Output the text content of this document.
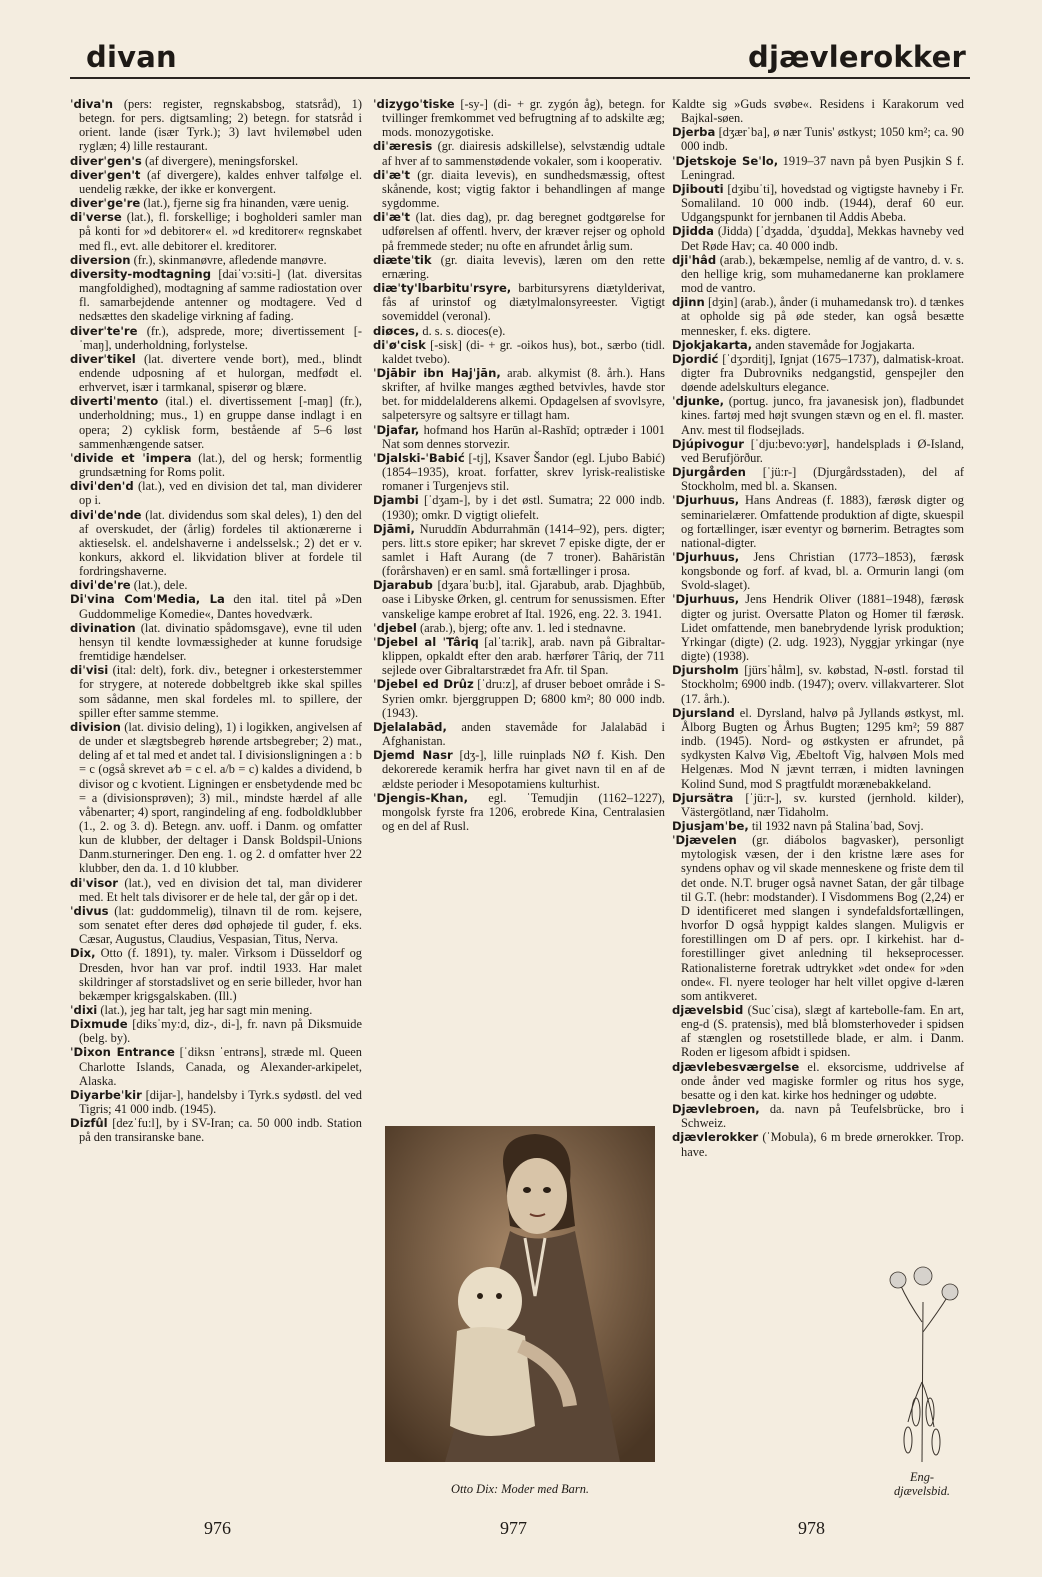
divan	djævlerokker

ˈdiva'n (pers: register, regnskabsbog, statsråd), 1) betegn. for pers. digtsamling; 2) betegn. for statsråd i orient. lande (især Tyrk.); 3) lavt hvilemøbel uden ryglæn; 4) lille restaurant.

diverˈgen's (af divergere), meningsforskel.

diverˈgen't (af divergere), kaldes enhver talfølge el. uendelig række, der ikke er konvergent.

diverˈge're (lat.), fjerne sig fra hinanden, være uenig.

diˈverse (lat.), fl. forskellige; i bogholderi samler man på konti for »d debitorer« el. »d kreditorer« regnskabet med fl., evt. alle debitorer el. kreditorer.

diversion (fr.), skinmanøvre, afledende manøvre.

diversity-modtagning [daiˈvɔ:siti-] (lat. diversitas mangfoldighed), modtagning af samme radiostation over fl. samarbejdende antenner og modtagere. Ved d nedsættes den skadelige virkning af fading.

diverˈte're (fr.), adsprede, more; divertissement [-ˈmaŋ], underholdning, forlystelse.

diverˈtikel (lat. divertere vende bort), med., blindt endende udposning af et hulorgan, medfødt el. erhvervet, især i tarmkanal, spiserør og blære.

divertiˈmento (ital.) el. divertissement [-maŋ] (fr.), underholdning; mus., 1) en gruppe danse indlagt i en opera; 2) cyklisk form, bestående af 5–6 løst sammenhængende satser.

ˈdivide et ˈimpera (lat.), del og hersk; formentlig grundsætning for Roms polit.

diviˈden'd (lat.), ved en division det tal, man dividerer op i.

diviˈde'nde (lat. dividendus som skal deles), 1) den del af overskudet, der (årlig) fordeles til aktionærerne i aktieselsk. el. andelshaverne i andelsselsk.; 2) det er v. konkurs, akkord el. likvidation bliver at fordele til fordringshaverne.

diviˈde're (lat.), dele.

Diˈvina ComˈMedia, La den ital. titel på »Den Guddommelige Komedie«, Dantes hovedværk.

divination (lat. divinatio spådomsgave), evne til uden hensyn til kendte lovmæssigheder at kunne forudsige fremtidige hændelser.

diˈvisi (ital: delt), fork. div., betegner i orkesterstemmer for strygere, at noterede dobbeltgreb ikke skal spilles som sådanne, men skal fordeles ml. to spillere, der spiller efter samme stemme.

division (lat. divisio deling), 1) i logikken, angivelsen af de under et slægtsbegreb hørende artsbegreber; 2) mat., deling af et tal med et andet tal. I divisionsligningen a : b = c (også skrevet a⁄b = c el. a/b = c) kaldes a dividend, b divisor og c kvotient. Ligningen er ensbetydende med bc = a (divisionsprøven); 3) mil., mindste hærdel af alle våbenarter; 4) sport, rangindeling af eng. fodboldklubber (1., 2. og 3. d). Betegn. anv. uoff. i Danm. og omfatter kun de klubber, der deltager i Dansk Boldspil-Unions Danm.sturneringer. Den eng. 1. og 2. d omfatter hver 22 klubber, den da. 1. d 10 klubber.

diˈvisor (lat.), ved en division det tal, man dividerer med. Et helt tals divisorer er de hele tal, der går op i det.

ˈdivus (lat: guddommelig), tilnavn til de rom. kejsere, som senatet efter deres død ophøjede til guder, f. eks. Cæsar, Augustus, Claudius, Vespasian, Titus, Nerva.

Dix, Otto (f. 1891), ty. maler. Virksom i Düsseldorf og Dresden, hvor han var prof. indtil 1933. Har malet skildringer af storstadslivet og en serie billeder, hvor han bekæmper krigsgalskaben. (Ill.)

ˈdixi (lat.), jeg har talt, jeg har sagt min mening.

Dixmude [diksˈmy:d, diz-, di-], fr. navn på Diksmuide (belg. by).

ˈDixon Entrance [ˈdiksn ˈentrəns], stræde ml. Queen Charlotte Islands, Canada, og Alexander-arkipelet, Alaska.

Diyarbeˈkir [dijar-], handelsby i Tyrk.s sydøstl. del ved Tigris; 41 000 indb. (1945).

Dizfûl [dezˈfu:l], by i SV-Iran; ca. 50 000 indb. Station på den transiranske bane.

ˈdizygoˈtiske [-sy-] (di- + gr. zygón åg), betegn. for tvillinger fremkommet ved befrugtning af to adskilte æg; mods. monozygotiske.

diˈæresis (gr. diairesis adskillelse), selvstændig udtale af hver af to sammenstødende vokaler, som i kooperativ.

diˈæ't (gr. diaita levevis), en sundhedsmæssig, oftest skånende, kost; vigtig faktor i behandlingen af mange sygdomme.

diˈæ't (lat. dies dag), pr. dag beregnet godtgørelse for udførelsen af offentl. hverv, der kræver rejser og ophold på fremmede steder; nu ofte en afrundet årlig sum.

diæteˈtik (gr. diaita levevis), læren om den rette ernæring.

diæˈty'lbarbituˈrsyre, barbitursyrens diætylderivat, fås af urinstof og diætylmalonsyreester. Vigtigt sovemiddel (veronal).

diøces, d. s. s. dioces(e).

diˈø'cisk [-sisk] (di- + gr. -oikos hus), bot., særbo (tidl. kaldet tvebo).

ˈDjābir ibn Hajˈjān, arab. alkymist (8. årh.). Hans skrifter, af hvilke manges ægthed betvivles, havde stor bet. for middelalderens alkemi. Opdagelsen af svovlsyre, salpetersyre og saltsyre er tillagt ham.

ˈDjafar, hofmand hos Harūn al-Rashīd; optræder i 1001 Nat som dennes storvezir.

ˈDjalski-ˈBabić [-tj], Ksaver Šandor (egl. Ljubo Babić) (1854–1935), kroat. forfatter, skrev lyrisk-realistiske romaner i Turgenjevs stil.

Djambi [ˈdʒam-], by i det østl. Sumatra; 22 000 indb. (1930); omkr. D vigtigt oliefelt.

Djāmi, Nuruddīn Abdurrahmān (1414–92), pers. digter; pers. litt.s store epiker; har skrevet 7 episke digte, der er samlet i Haft Aurang (de 7 troner). Bahāristān (forårshaven) er en saml. små fortællinger i prosa.

Djarabub [dʒaraˈbu:b], ital. Gjarabub, arab. Djaghbūb, oase i Libyske Ørken, gl. centrum for senussismen. Efter vanskelige kampe erobret af Ital. 1926, eng. 22. 3. 1941.

ˈdjebel (arab.), bjerg; ofte anv. 1. led i stednavne.

ˈDjebel al ˈTâriq [alˈta:rik], arab. navn på Gibraltar-klippen, opkaldt efter den arab. hærfører Târiq, der 711 sejlede over Gibraltarstrædet fra Afr. til Span.

ˈDjebel ed Drûz [ˈdru:z], af druser beboet område i S-Syrien omkr. bjerggruppen D; 6800 km²; 80 000 indb. (1943).

Djelalabād, anden stavemåde for Jalalabād i Afghanistan.

Djemd Nasr [dʒ-], lille ruinplads NØ f. Kish. Den dekorerede keramik herfra har givet navn til en af de ældste perioder i Mesopotamiens kulturhist.

ˈDjengis-Khan, egl. ˈTemudjin (1162–1227), mongolsk fyrste fra 1206, erobrede Kina, Centralasien og en del af Rusl.

Kaldte sig »Guds svøbe«. Residens i Karakorum ved Bajkal-søen.

Djerba [dʒærˈba], ø nær Tunis' østkyst; 1050 km²; ca. 90 000 indb.

ˈDjetskoje Seˈlo, 1919–37 navn på byen Pusjkin S f. Leningrad.

Djibouti [dʒibuˈti], hovedstad og vigtigste havneby i Fr. Somaliland. 10 000 indb. (1944), deraf 60 eur. Udgangspunkt for jernbanen til Addis Abeba.

Djidda (Jidda) [ˈdʒadda, ˈdʒudda], Mekkas havneby ved Det Røde Hav; ca. 40 000 indb.

djiˈhâd (arab.), bekæmpelse, nemlig af de vantro, d. v. s. den hellige krig, som muhamedanerne kan proklamere mod de vantro.

djinn [dʒin] (arab.), ånder (i muhamedansk tro). d tænkes at opholde sig på øde steder, kan også besætte mennesker, f. eks. digtere.

Djokjakarta, anden stavemåde for Jogjakarta.

Djordić [ˈdʒɔrditj], Ignjat (1675–1737), dalmatisk-kroat. digter fra Dubrovniks nedgangstid, genspejler den døende adelskulturs elegance.

ˈdjunke, (portug. junco, fra javanesisk jon), fladbundet kines. fartøj med højt svungen stævn og en el. fl. master. Anv. mest til flodsejlads.

Djúpivogur [ˈdju:bevo:yør], handelsplads i Ø-Island, ved Berufjörður.

Djurgården [ˈjü:r-] (Djurgårdsstaden), del af Stockholm, med bl. a. Skansen.

ˈDjurhuus, Hans Andreas (f. 1883), færøsk digter og seminarielærer. Omfattende produktion af digte, skuespil og fortællinger, især eventyr og børnerim. Betragtes som national-digter.

ˈDjurhuus, Jens Christian (1773–1853), færøsk kongsbonde og forf. af kvad, bl. a. Ormurin langi (om Svold-slaget).

ˈDjurhuus, Jens Hendrik Oliver (1881–1948), færøsk digter og jurist. Oversatte Platon og Homer til færøsk. Lidet omfattende, men banebrydende lyrisk produktion; Yrkingar (digte) (2. udg. 1923), Nyggjar yrkingar (nye digte) (1938).

Djursholm [jürsˈhålm], sv. købstad, N-østl. forstad til Stockholm; 6900 indb. (1947); overv. villakvarterer. Slot (17. årh.).

Djursland el. Dyrsland, halvø på Jyllands østkyst, ml. Ålborg Bugten og Århus Bugten; 1295 km²; 59 887 indb. (1945). Nord- og østkysten er afrundet, på sydkysten Kalvø Vig, Æbeltoft Vig, halvøen Mols med Helgenæs. Mod N jævnt terræn, i midten lavningen Kolind Sund, mod S pragtfuldt morænebakkeland.

Djursätra [ˈjü:r-], sv. kursted (jernhold. kilder), Västergötland, nær Tidaholm.

Djusjamˈbe, til 1932 navn på Stalinaˈbad, Sovj.

ˈDjævelen (gr. diábolos bagvasker), personligt mytologisk væsen, der i den kristne lære ases for syndens ophav og vil skade menneskene og friste dem til det onde. N.T. bruger også navnet Satan, der går tilbage til G.T. (hebr: modstander). I Visdommens Bog (2,24) er D identificeret med slangen i syndefaldsfortællingen, hvorfor D også hyppigt kaldes slangen. Muligvis er forestillingen om D af pers. opr. I kirkehist. har d-forestillinger givet anledning til hekseprocesser. Rationalisterne foretrak udtrykket »det onde« for »den onde«. Fl. nyere teologer har helt villet opgive d-læren som antikveret.

djævelsbid (Sucˈcisa), slægt af kartebolle-fam. En art, eng-d (S. pratensis), med blå blomsterhoveder i spidsen af stænglen og rosetstillede blade, er alm. i Danm. Roden er ligesom afbidt i spidsen.

djævlebesværgelse el. eksorcisme, uddrivelse af onde ånder ved magiske formler og ritus hos syge, besatte og i den kat. kirke hos hedninger og udøbte.

Djævlebroen, da. navn på Teufelsbrücke, bro i Schweiz.

djævlerokker (ˈMobula), 6 m brede ørnerokker. Trop. have.

Otto Dix: Moder med Barn.
Eng-djævelsbid.
976	977	978
